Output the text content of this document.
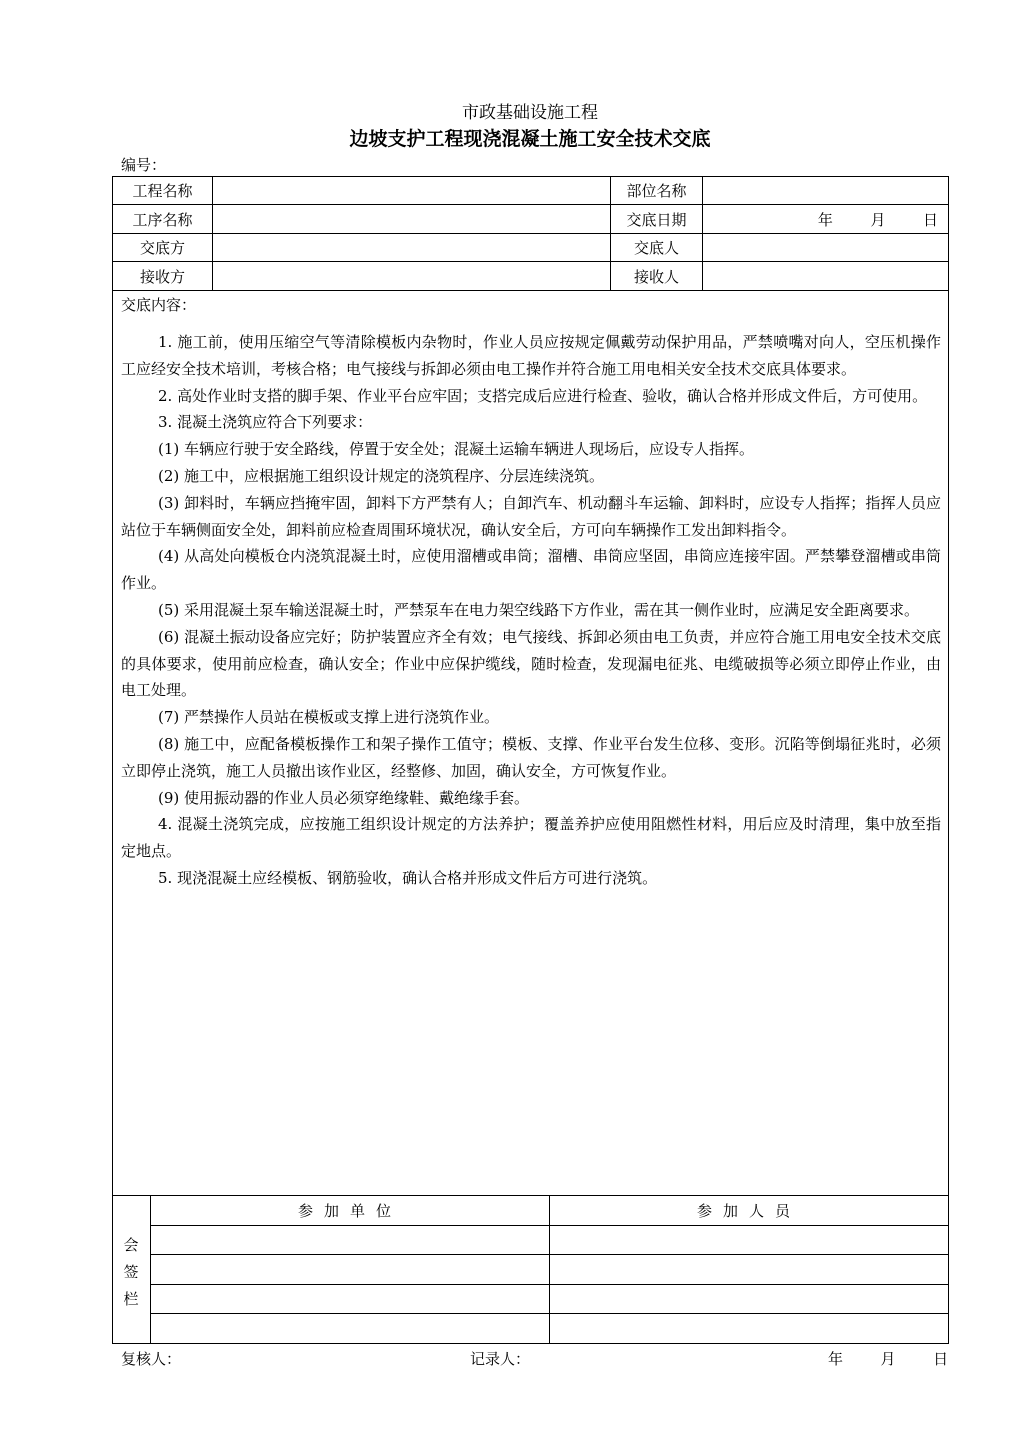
市政基础设施工程
边坡支护工程现浇混凝土施工安全技术交底
编号：
工程名称	部位名称
工序名称	交底日期	年  月  日
交底方	交底人
接收方	接收人
交底内容：

1. 施工前，使用压缩空气等清除模板内杂物时，作业人员应按规定佩戴劳动保护用品，严禁喷嘴对向人，空压机操作工应经安全技术培训，考核合格；电气接线与拆卸必须由电工操作并符合施工用电相关安全技术交底具体要求。

2. 高处作业时支搭的脚手架、作业平台应牢固；支搭完成后应进行检查、验收，确认合格并形成文件后，方可使用。

3. 混凝土浇筑应符合下列要求：

(1) 车辆应行驶于安全路线，停置于安全处；混凝土运输车辆进人现场后，应设专人指挥。

(2) 施工中，应根据施工组织设计规定的浇筑程序、分层连续浇筑。

(3) 卸料时，车辆应挡掩牢固，卸料下方严禁有人；自卸汽车、机动翻斗车运输、卸料时，应设专人指挥；指挥人员应站位于车辆侧面安全处，卸料前应检查周围环境状况，确认安全后，方可向车辆操作工发出卸料指令。

(4) 从高处向模板仓内浇筑混凝土时，应使用溜槽或串筒；溜槽、串筒应坚固，串筒应连接牢固。严禁攀登溜槽或串筒作业。

(5) 采用混凝土泵车输送混凝土时，严禁泵车在电力架空线路下方作业，需在其一侧作业时，应满足安全距离要求。

(6) 混凝土振动设备应完好；防护装置应齐全有效；电气接线、拆卸必须由电工负责，并应符合施工用电安全技术交底的具体要求，使用前应检查，确认安全；作业中应保护缆线，随时检查，发现漏电征兆、电缆破损等必须立即停止作业，由电工处理。

(7) 严禁操作人员站在模板或支撑上进行浇筑作业。

(8) 施工中，应配备模板操作工和架子操作工值守；模板、支撑、作业平台发生位移、变形。沉陷等倒塌征兆时，必须立即停止浇筑，施工人员撤出该作业区，经整修、加固，确认安全，方可恢复作业。

(9) 使用振动器的作业人员必须穿绝缘鞋、戴绝缘手套。

4. 混凝土浇筑完成，应按施工组织设计规定的方法养护；覆盖养护应使用阻燃性材料，用后应及时清理，集中放至指定地点。

5. 现浇混凝土应经模板、钢筋验收，确认合格并形成文件后方可进行浇筑。

会
签
栏
参加单位	参加人员
复核人：	记录人：	年  月  日
